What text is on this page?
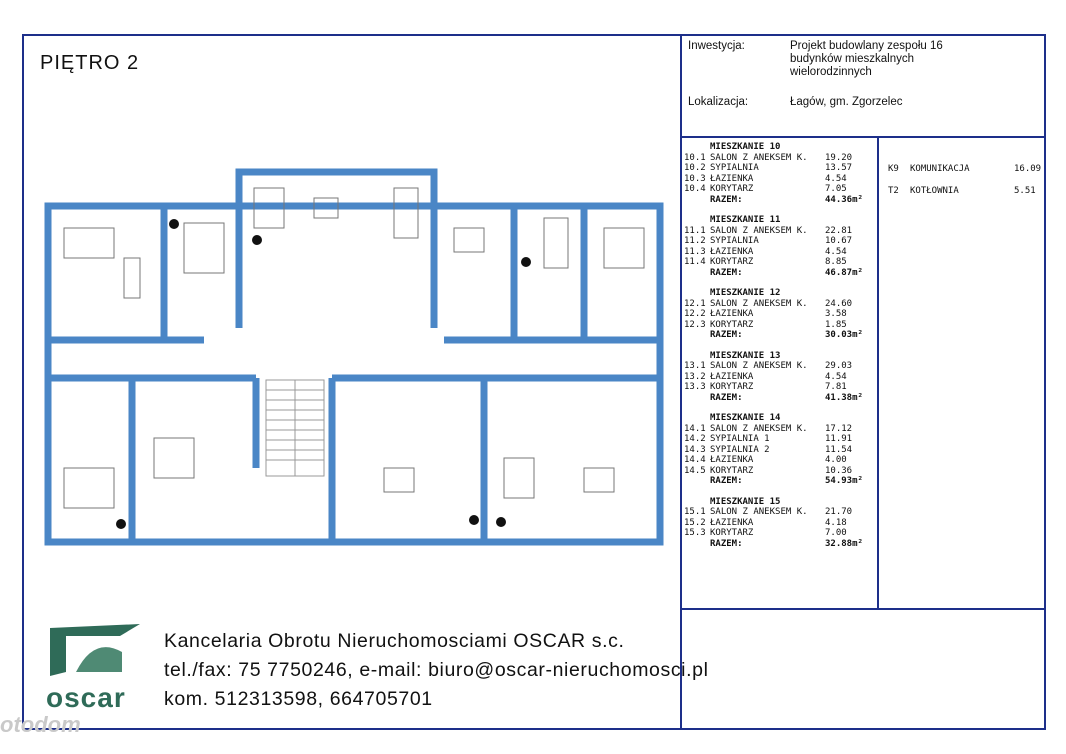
PIĘTRO 2
Inwestycja:	Projekt budowlany zespołu 16 budynków mieszkalnych wielorodzinnych
Lokalizacja:	Łagów, gm. Zgorzelec
MIESZKANIE 10
10.1 SALON Z ANEKSEM K.	19.20
10.2 SYPIALNIA	13.57
10.3 ŁAZIENKA	4.54
10.4 KORYTARZ	7.05
RAZEM:	44.36m²
MIESZKANIE 11
11.1 SALON Z ANEKSEM K.	22.81
11.2 SYPIALNIA	10.67
11.3 ŁAZIENKA	4.54
11.4 KORYTARZ	8.85
RAZEM:	46.87m²
MIESZKANIE 12
12.1 SALON Z ANEKSEM K.	24.60
12.2 ŁAZIENKA	3.58
12.3 KORYTARZ	1.85
RAZEM:	30.03m²
MIESZKANIE 13
13.1 SALON Z ANEKSEM K.	29.03
13.2 ŁAZIENKA	4.54
13.3 KORYTARZ	7.81
RAZEM:	41.38m²
MIESZKANIE 14
14.1 SALON Z ANEKSEM K.	17.12
14.2 SYPIALNIA 1	11.91
14.3 SYPIALNIA 2	11.54
14.4 ŁAZIENKA	4.00
14.5 KORYTARZ	10.36
RAZEM:	54.93m²
MIESZKANIE 15
15.1 SALON Z ANEKSEM K.	21.70
15.2 ŁAZIENKA	4.18
15.3 KORYTARZ	7.00
RAZEM:	32.88m²
K9	KOMUNIKACJA	16.09
T2	KOTŁOWNIA	5.51
oscar
Kancelaria Obrotu Nieruchomosciami OSCAR s.c.
tel./fax: 75 7750246, e-mail: biuro@oscar-nieruchomosci.pl
kom. 512313598, 664705701
otodom
